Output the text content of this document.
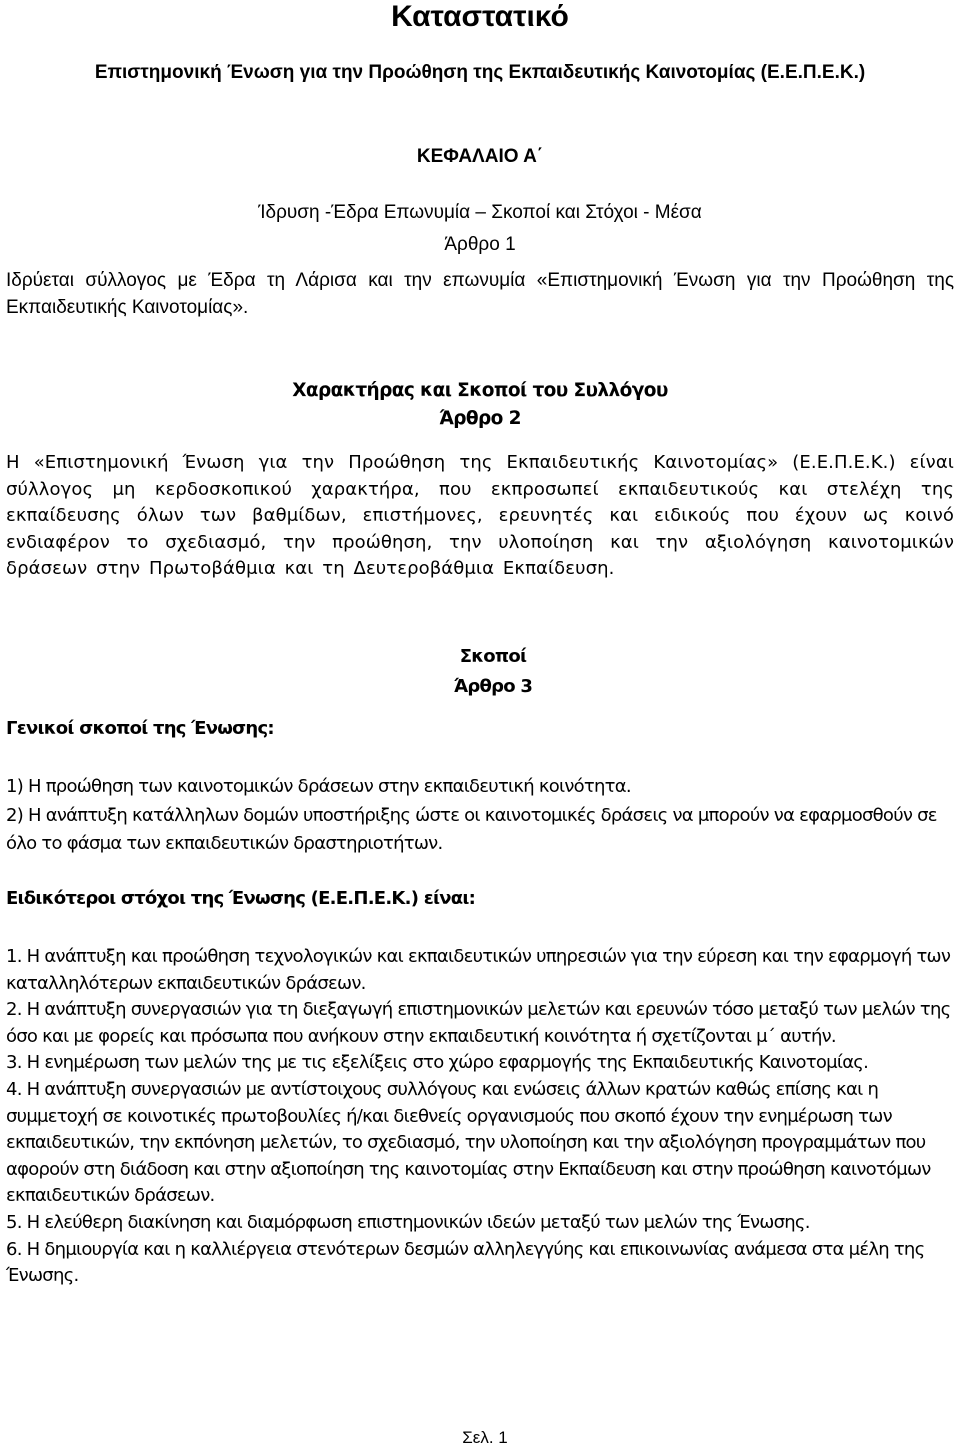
Καταστατικό
Επιστημονική Ένωση για την Προώθηση της Εκπαιδευτικής Καινοτομίας (Ε.Ε.Π.Ε.Κ.)
ΚΕΦΑΛΑΙΟ Α΄
Ίδρυση -Έδρα Επωνυμία – Σκοποί και Στόχοι - Μέσα
Άρθρο 1
Ιδρύεται σύλλογος με Έδρα τη Λάρισα και την επωνυμία «Επιστημονική Ένωση για την Προώθηση της Εκπαιδευτικής Καινοτομίας».
Χαρακτήρας και Σκοποί του Συλλόγου
Άρθρο 2
Η «Επιστημονική Ένωση για την Προώθηση της Εκπαιδευτικής Καινοτομίας» (Ε.Ε.Π.Ε.Κ.) είναι σύλλογος μη κερδοσκοπικού χαρακτήρα, που εκπροσωπεί εκπαιδευτικούς και στελέχη της εκπαίδευσης όλων των βαθμίδων, επιστήμονες, ερευνητές και ειδικούς που έχουν ως κοινό ενδιαφέρον το σχεδιασμό, την προώθηση, την υλοποίηση και την αξιολόγηση καινοτομικών δράσεων στην Πρωτοβάθμια και τη Δευτεροβάθμια Εκπαίδευση.
Σκοποί
Άρθρο 3
Γενικοί σκοποί της Ένωσης:
1) Η προώθηση των καινοτομικών δράσεων στην εκπαιδευτική κοινότητα.
2) Η ανάπτυξη κατάλληλων δομών υποστήριξης ώστε οι καινοτομικές δράσεις να μπορούν να εφαρμοσθούν σε όλο το φάσμα των εκπαιδευτικών δραστηριοτήτων.
Ειδικότεροι στόχοι της Ένωσης (Ε.Ε.Π.Ε.Κ.) είναι:
1. Η ανάπτυξη και προώθηση τεχνολογικών και εκπαιδευτικών υπηρεσιών για την εύρεση και την εφαρμογή των καταλληλότερων εκπαιδευτικών δράσεων.
2. Η ανάπτυξη συνεργασιών για τη διεξαγωγή επιστημονικών μελετών και ερευνών τόσο μεταξύ των μελών της όσο και με φορείς και πρόσωπα που ανήκουν στην εκπαιδευτική κοινότητα ή σχετίζονται μ΄ αυτήν.
3. Η ενημέρωση των μελών της με τις εξελίξεις στο χώρο εφαρμογής της Εκπαιδευτικής Καινοτομίας.
4. Η ανάπτυξη συνεργασιών με αντίστοιχους συλλόγους και ενώσεις άλλων κρατών καθώς επίσης και η συμμετοχή σε κοινοτικές πρωτοβουλίες ή/και διεθνείς οργανισμούς που σκοπό έχουν την ενημέρωση των εκπαιδευτικών, την εκπόνηση μελετών, το σχεδιασμό, την υλοποίηση και την αξιολόγηση προγραμμάτων που αφορούν στη διάδοση και στην αξιοποίηση της καινοτομίας στην Εκπαίδευση και στην προώθηση καινοτόμων εκπαιδευτικών δράσεων.
5. Η ελεύθερη διακίνηση και διαμόρφωση επιστημονικών ιδεών μεταξύ των μελών της Ένωσης.
6. Η δημιουργία και η καλλιέργεια στενότερων δεσμών αλληλεγγύης και επικοινωνίας ανάμεσα στα μέλη της Ένωσης.
Σελ. 1
